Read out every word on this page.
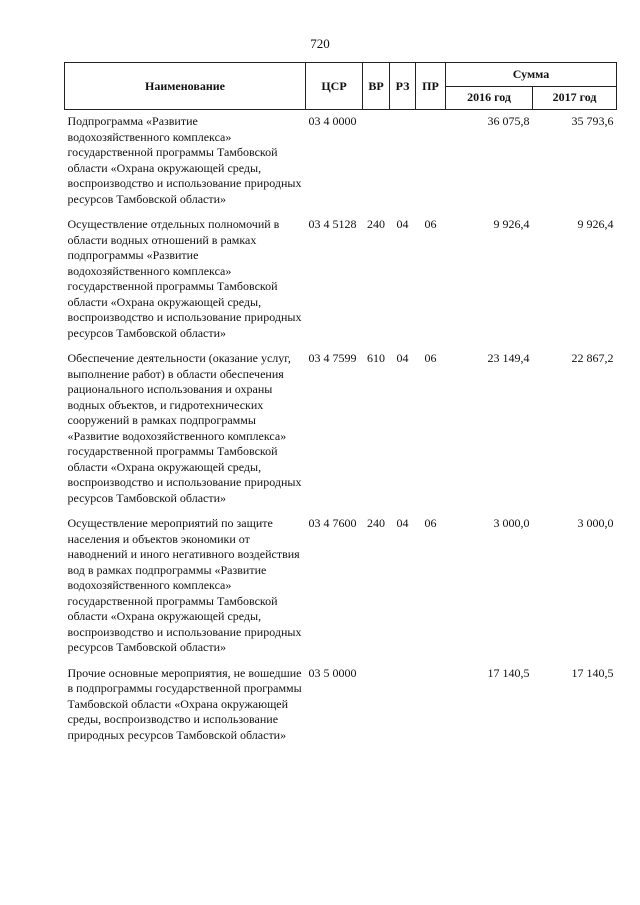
720
Наименование	ЦСР	ВР	РЗ	ПР	Сумма	
					2016 год	2017 год
Подпрограмма «Развитие водохозяйственного комплекса» государственной программы Тамбовской области «Охрана окружающей среды, воспроизводство и использование природных ресурсов Тамбовской области»	03 4 0000				36 075,8	35 793,6
Осуществление отдельных полномочий в области водных отношений в рамках подпрограммы «Развитие водохозяйственного комплекса» государственной программы Тамбовской области «Охрана окружающей среды, воспроизводство и использование природных ресурсов Тамбовской области»	03 4 5128	240	04	06	9 926,4	9 926,4
Обеспечение деятельности (оказание услуг, выполнение работ) в области обеспечения рационального использования и охраны водных объектов, и гидротехнических сооружений в рамках подпрограммы «Развитие водохозяйственного комплекса» государственной программы Тамбовской области «Охрана окружающей среды, воспроизводство и использование природных ресурсов Тамбовской области»	03 4 7599	610	04	06	23 149,4	22 867,2
Осуществление мероприятий по защите населения и объектов экономики от наводнений и иного негативного воздействия вод в рамках подпрограммы «Развитие водохозяйственного комплекса» государственной программы Тамбовской области «Охрана окружающей среды, воспроизводство и использование природных ресурсов Тамбовской области»	03 4 7600	240	04	06	3 000,0	3 000,0
Прочие основные мероприятия, не вошедшие в подпрограммы государственной программы Тамбовской области «Охрана окружающей среды, воспроизводство и использование природных ресурсов Тамбовской области»	03 5 0000				17 140,5	17 140,5
